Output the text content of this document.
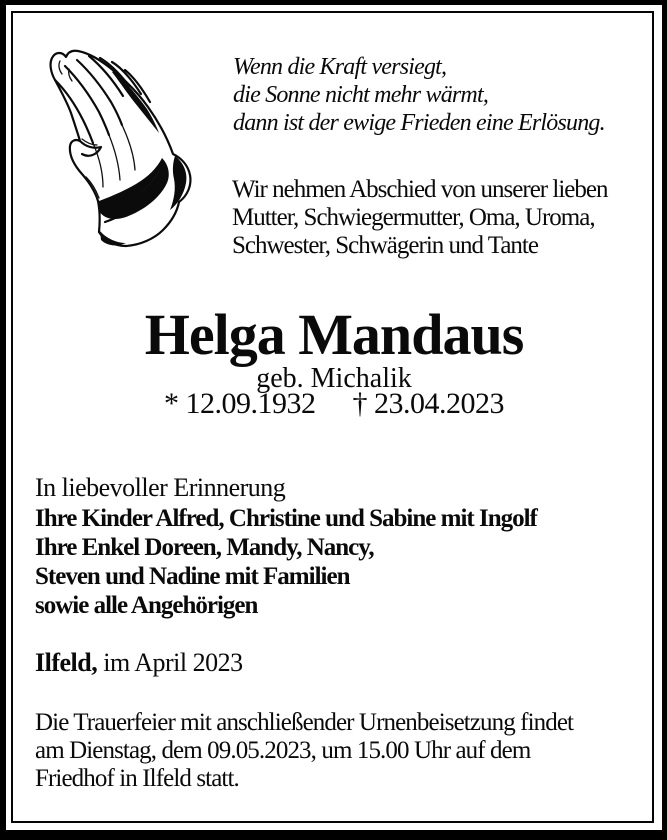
Wenn die Kraft versiegt,
die Sonne nicht mehr wärmt,
dann ist der ewige Frieden eine Erlösung.
Wir nehmen Abschied von unserer lieben
Mutter, Schwiegermutter, Oma, Uroma,
Schwester, Schwägerin und Tante
Helga Mandaus
geb. Michalik
* 12.09.1932 † 23.04.2023
In liebevoller Erinnerung
Ihre Kinder Alfred, Christine und Sabine mit Ingolf
Ihre Enkel Doreen, Mandy, Nancy,
Steven und Nadine mit Familien
sowie alle Angehörigen
Ilfeld, im April 2023
Die Trauerfeier mit anschließender Urnenbeisetzung findet
am Dienstag, dem 09.05.2023, um 15.00 Uhr auf dem
Friedhof in Ilfeld statt.
